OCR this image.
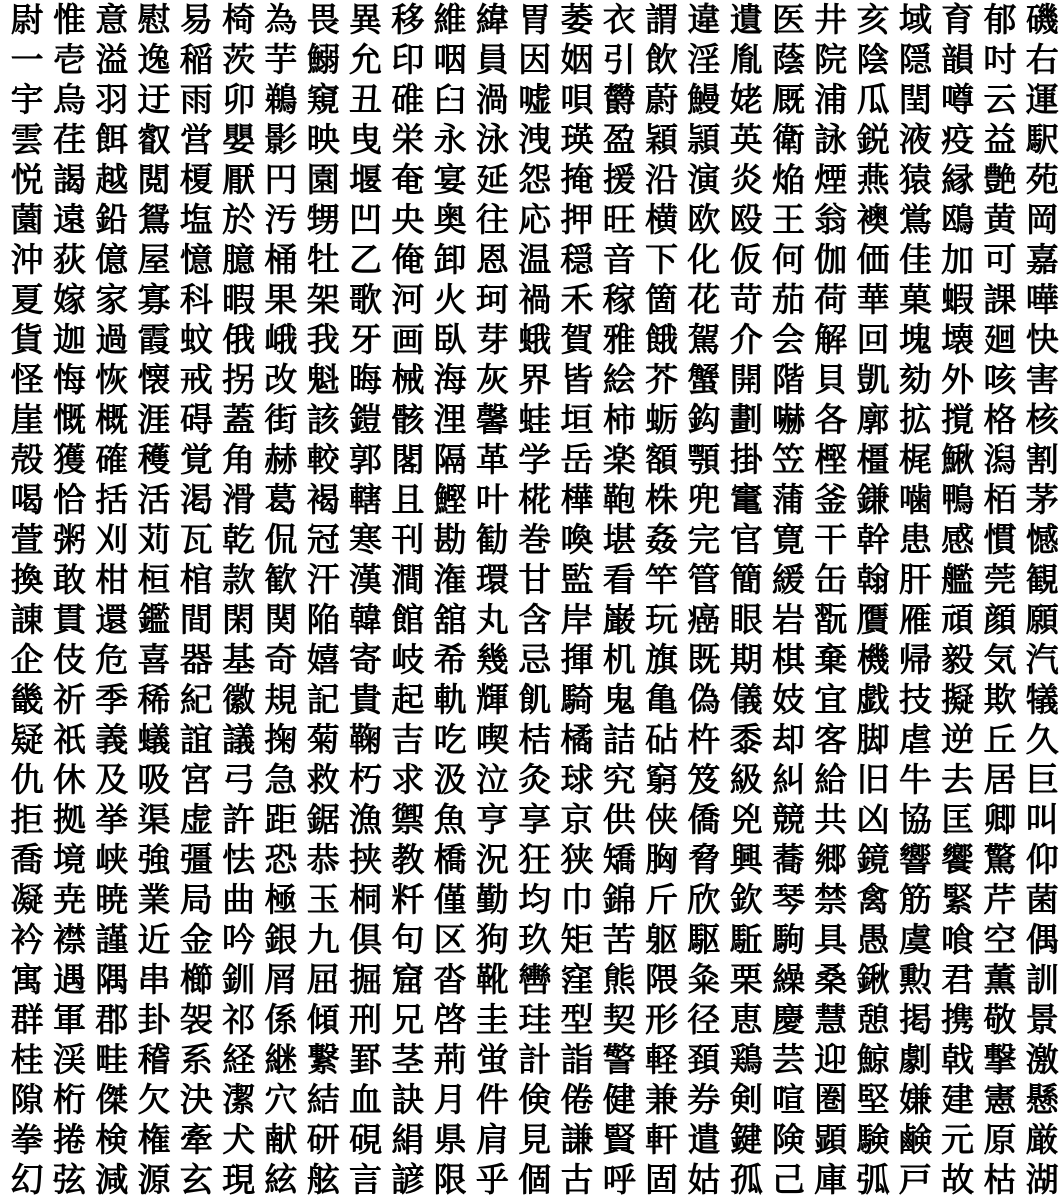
尉 惟 意 慰 易 椅 為 畏 異 移 維 緯 胃 萎 衣 謂 違 遺 医 井 亥 域 育 郁 磯
一 壱 溢 逸 稲 茨 芋 鰯 允 印 咽 員 因 姻 引 飲 淫 胤 蔭 院 陰 隠 韻 吋 右
宇 烏 羽 迂 雨 卯 鵜 窺 丑 碓 臼 渦 嘘 唄 欝 蔚 鰻 姥 厩 浦 瓜 閏 噂 云 運
雲 荏 餌 叡 営 嬰 影 映 曳 栄 永 泳 洩 瑛 盈 穎 頴 英 衛 詠 鋭 液 疫 益 駅
悦 謁 越 閲 榎 厭 円 園 堰 奄 宴 延 怨 掩 援 沿 演 炎 焔 煙 燕 猿 縁 艶 苑
薗 遠 鉛 鴛 塩 於 汚 甥 凹 央 奥 往 応 押 旺 横 欧 殴 王 翁 襖 鴬 鴎 黄 岡
沖 荻 億 屋 憶 臆 桶 牡 乙 俺 卸 恩 温 穏 音 下 化 仮 何 伽 価 佳 加 可 嘉
夏 嫁 家 寡 科 暇 果 架 歌 河 火 珂 禍 禾 稼 箇 花 苛 茄 荷 華 菓 蝦 課 嘩
貨 迦 過 霞 蚊 俄 峨 我 牙 画 臥 芽 蛾 賀 雅 餓 駕 介 会 解 回 塊 壊 廻 快
怪 悔 恢 懐 戒 拐 改 魁 晦 械 海 灰 界 皆 絵 芥 蟹 開 階 貝 凱 劾 外 咳 害
崖 慨 概 涯 碍 蓋 街 該 鎧 骸 浬 馨 蛙 垣 柿 蛎 鈎 劃 嚇 各 廓 拡 撹 格 核
殻 獲 確 穫 覚 角 赫 較 郭 閣 隔 革 学 岳 楽 額 顎 掛 笠 樫 橿 梶 鰍 潟 割
喝 恰 括 活 渇 滑 葛 褐 轄 且 鰹 叶 椛 樺 鞄 株 兜 竃 蒲 釜 鎌 噛 鴨 栢 茅
萱 粥 刈 苅 瓦 乾 侃 冠 寒 刊 勘 勧 巻 喚 堪 姦 完 官 寛 干 幹 患 感 慣 憾
換 敢 柑 桓 棺 款 歓 汗 漢 澗 潅 環 甘 監 看 竿 管 簡 緩 缶 翰 肝 艦 莞 観
諌 貫 還 鑑 間 閑 関 陥 韓 館 舘 丸 含 岸 巌 玩 癌 眼 岩 翫 贋 雁 頑 顔 願
企 伎 危 喜 器 基 奇 嬉 寄 岐 希 幾 忌 揮 机 旗 既 期 棋 棄 機 帰 毅 気 汽
畿 祈 季 稀 紀 徽 規 記 貴 起 軌 輝 飢 騎 鬼 亀 偽 儀 妓 宜 戯 技 擬 欺 犠
疑 祇 義 蟻 誼 議 掬 菊 鞠 吉 吃 喫 桔 橘 詰 砧 杵 黍 却 客 脚 虐 逆 丘 久
仇 休 及 吸 宮 弓 急 救 朽 求 汲 泣 灸 球 究 窮 笈 級 糾 給 旧 牛 去 居 巨
拒 拠 挙 渠 虚 許 距 鋸 漁 禦 魚 亨 享 京 供 侠 僑 兇 競 共 凶 協 匡 卿 叫
喬 境 峡 強 彊 怯 恐 恭 挟 教 橋 況 狂 狭 矯 胸 脅 興 蕎 郷 鏡 響 饗 驚 仰
凝 尭 暁 業 局 曲 極 玉 桐 粁 僅 勤 均 巾 錦 斤 欣 欽 琴 禁 禽 筋 緊 芹 菌
衿 襟 謹 近 金 吟 銀 九 倶 句 区 狗 玖 矩 苦 躯 駆 駈 駒 具 愚 虞 喰 空 偶
寓 遇 隅 串 櫛 釧 屑 屈 掘 窟 沓 靴 轡 窪 熊 隈 粂 栗 繰 桑 鍬 勲 君 薫 訓
群 軍 郡 卦 袈 祁 係 傾 刑 兄 啓 圭 珪 型 契 形 径 恵 慶 慧 憩 掲 携 敬 景
桂 渓 畦 稽 系 経 継 繋 罫 茎 荊 蛍 計 詣 警 軽 頚 鶏 芸 迎 鯨 劇 戟 撃 激
隙 桁 傑 欠 決 潔 穴 結 血 訣 月 件 倹 倦 健 兼 券 剣 喧 圏 堅 嫌 建 憲 懸
拳 捲 検 権 牽 犬 献 研 硯 絹 県 肩 見 謙 賢 軒 遣 鍵 険 顕 験 鹸 元 原 厳
幻 弦 減 源 玄 現 絃 舷 言 諺 限 乎 個 古 呼 固 姑 孤 己 庫 弧 戸 故 枯 湖
